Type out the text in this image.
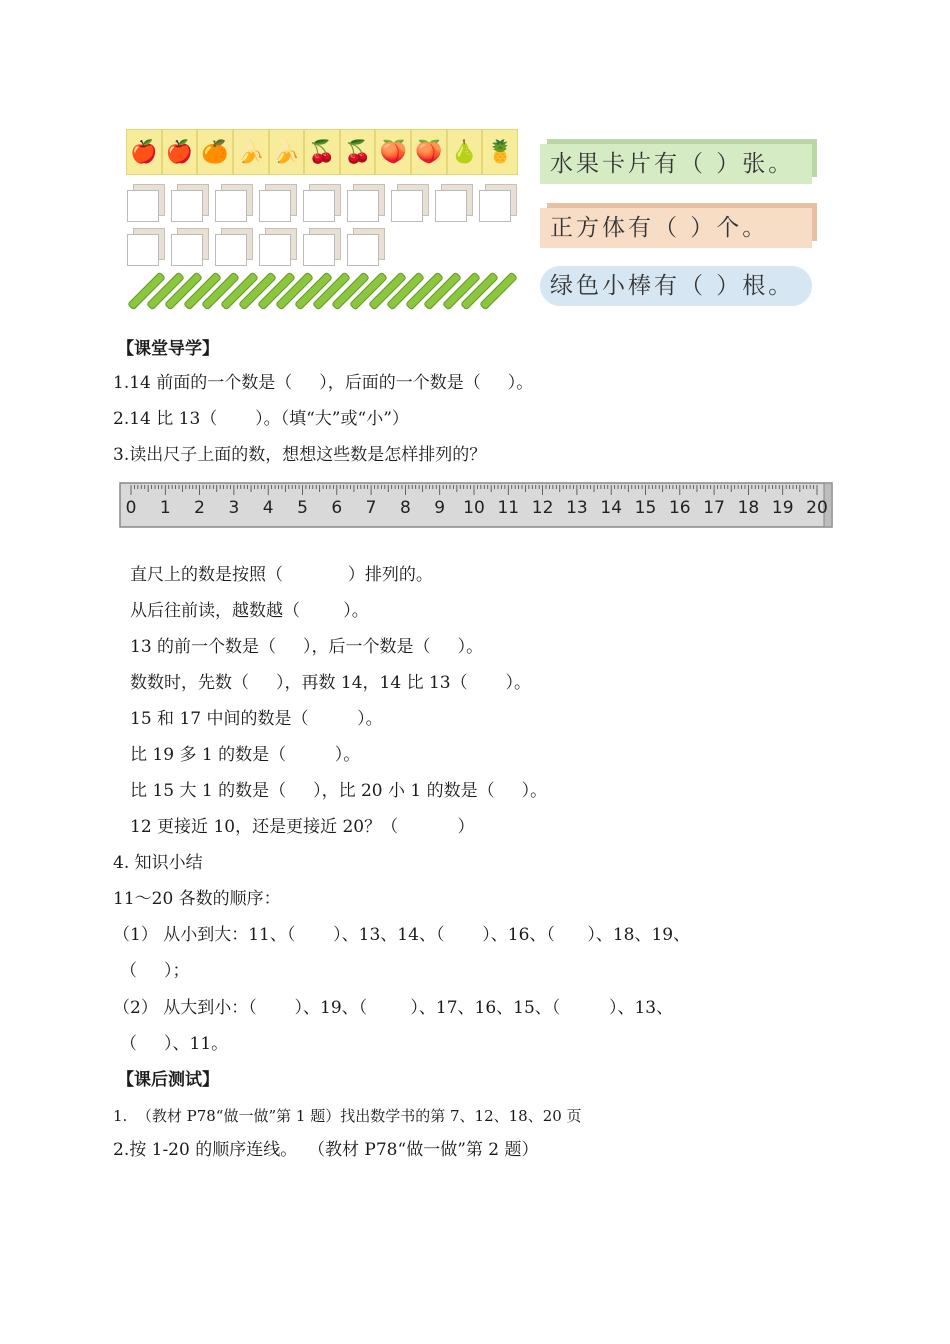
🍎 🍎 🍊 🍌 🍌 🍒 🍒 🍑 🍑 🍐 🍍	水果卡片有（ ）张。
正方体有（ ）个。
绿色小棒有（ ）根。
【课堂导学】
1.14 前面的一个数是（     ），后面的一个数是（     ）。
2.14 比 13（       ）。（填“大”或“小”）
3.读出尺子上面的数，想想这些数是怎样排列的？
0 1 2 3 4 5 6 7 8 9 10 11 12 13 14 15 16 17 18 19 20
直尺上的数是按照（            ）排列的。
从后往前读，越数越（        ）。
13 的前一个数是（     ），后一个数是（     ）。
数数时，先数（     ），再数 14，14 比 13（       ）。
15 和 17 中间的数是（         ）。
比 19 多 1 的数是（         ）。
比 15 大 1 的数是（     ），比 20 小 1 的数是（     ）。
12 更接近 10，还是更接近 20？（           ）
4. 知识小结
11～20 各数的顺序：
（1） 从小到大：11、（       ）、13、14、（       ）、16、（      ）、18、19、
（     ）；
（2） 从大到小：（       ）、19、（        ）、17、16、15、（         ）、13、
（     ）、11。
【课后测试】
1.  （教材 P78“做一做”第 1 题）找出数学书的第 7、12、18、20 页
2.按 1-20 的顺序连线。  （教材 P78“做一做”第 2 题）
